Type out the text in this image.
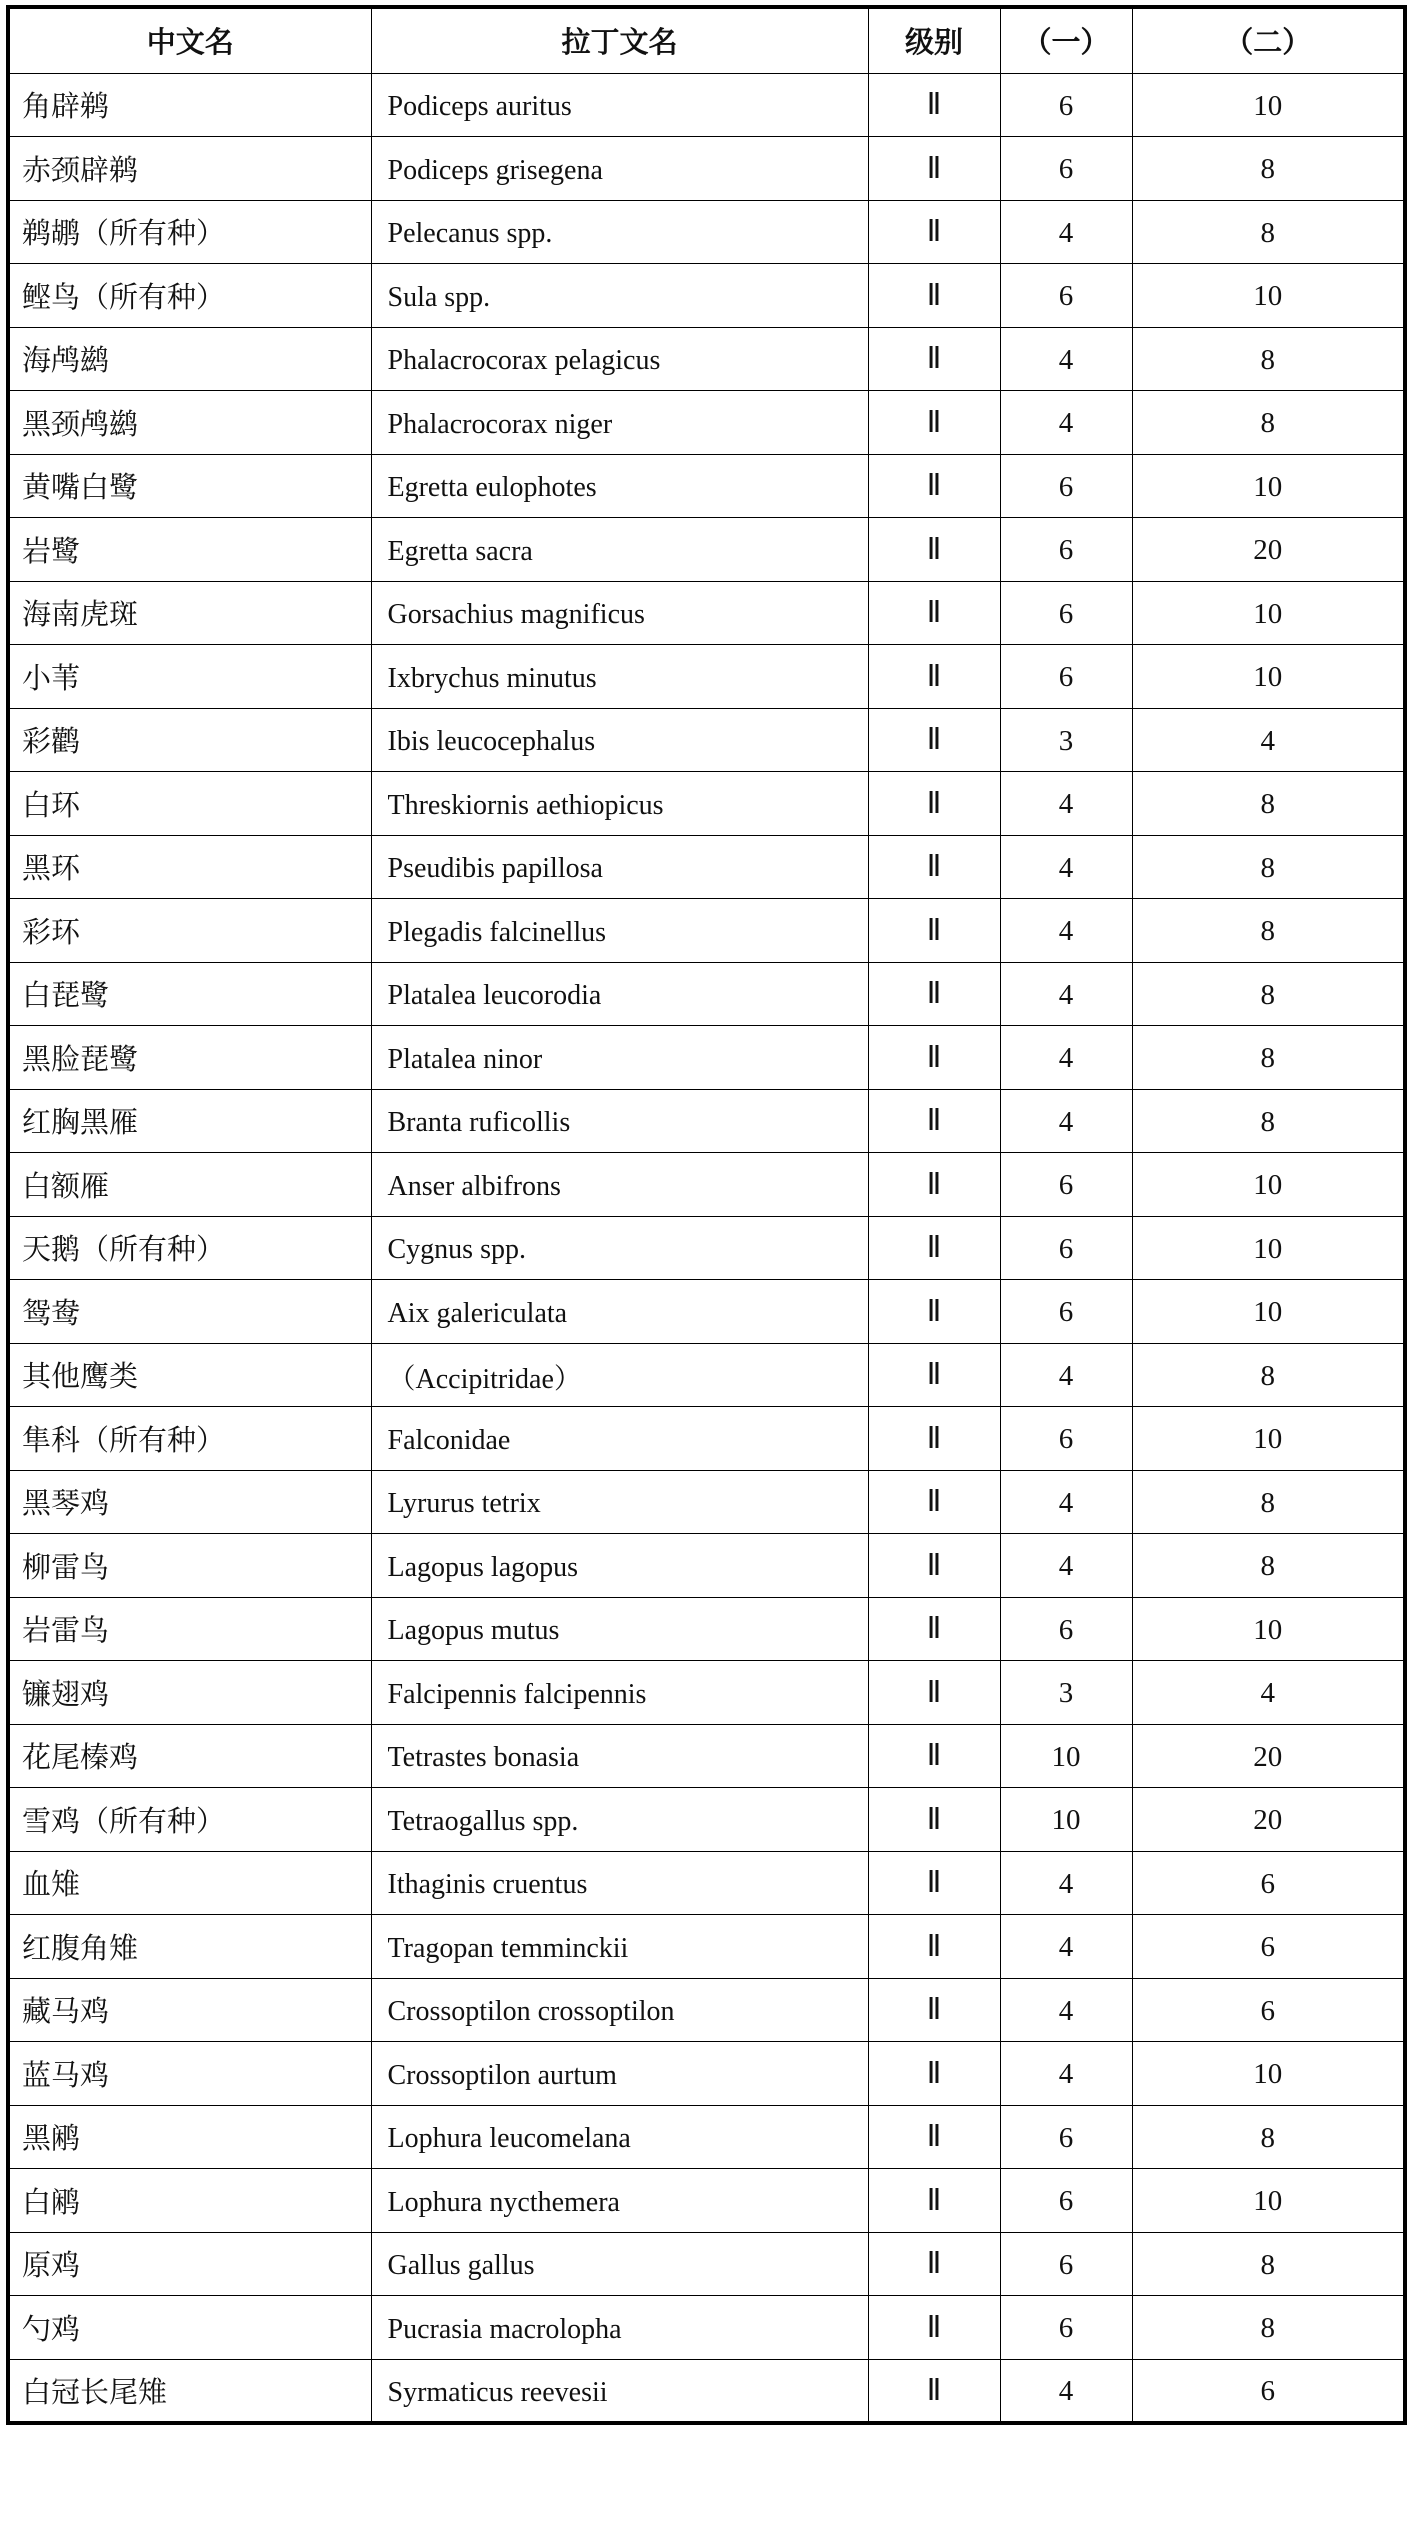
中文名	拉丁文名	级别	（一）	（二）
角辟鹈	Podiceps auritus	Ⅱ	6	10
赤颈辟鹈	Podiceps grisegena	Ⅱ	6	8
鹈鹕（所有种）	Pelecanus spp.	Ⅱ	4	8
鲣鸟（所有种）	Sula spp.	Ⅱ	6	10
海鸬鹚	Phalacrocorax pelagicus	Ⅱ	4	8
黑颈鸬鹚	Phalacrocorax niger	Ⅱ	4	8
黄嘴白鹭	Egretta eulophotes	Ⅱ	6	10
岩鹭	Egretta sacra	Ⅱ	6	20
海南虎斑	Gorsachius magnificus	Ⅱ	6	10
小苇	Ixbrychus minutus	Ⅱ	6	10
彩鹳	Ibis leucocephalus	Ⅱ	3	4
白环	Threskiornis aethiopicus	Ⅱ	4	8
黑环	Pseudibis papillosa	Ⅱ	4	8
彩环	Plegadis falcinellus	Ⅱ	4	8
白琵鹭	Platalea leucorodia	Ⅱ	4	8
黑脸琵鹭	Platalea ninor	Ⅱ	4	8
红胸黑雁	Branta ruficollis	Ⅱ	4	8
白额雁	Anser albifrons	Ⅱ	6	10
天鹅（所有种）	Cygnus spp.	Ⅱ	6	10
鸳鸯	Aix galericulata	Ⅱ	6	10
其他鹰类	（Accipitridae）	Ⅱ	4	8
隼科（所有种）	Falconidae	Ⅱ	6	10
黑琴鸡	Lyrurus tetrix	Ⅱ	4	8
柳雷鸟	Lagopus lagopus	Ⅱ	4	8
岩雷鸟	Lagopus mutus	Ⅱ	6	10
镰翅鸡	Falcipennis falcipennis	Ⅱ	3	4
花尾榛鸡	Tetrastes bonasia	Ⅱ	10	20
雪鸡（所有种）	Tetraogallus spp.	Ⅱ	10	20
血雉	Ithaginis cruentus	Ⅱ	4	6
红腹角雉	Tragopan temminckii	Ⅱ	4	6
藏马鸡	Crossoptilon crossoptilon	Ⅱ	4	6
蓝马鸡	Crossoptilon aurtum	Ⅱ	4	10
黑鹇	Lophura leucomelana	Ⅱ	6	8
白鹇	Lophura nycthemera	Ⅱ	6	10
原鸡	Gallus gallus	Ⅱ	6	8
勺鸡	Pucrasia macrolopha	Ⅱ	6	8
白冠长尾雉	Syrmaticus reevesii	Ⅱ	4	6
